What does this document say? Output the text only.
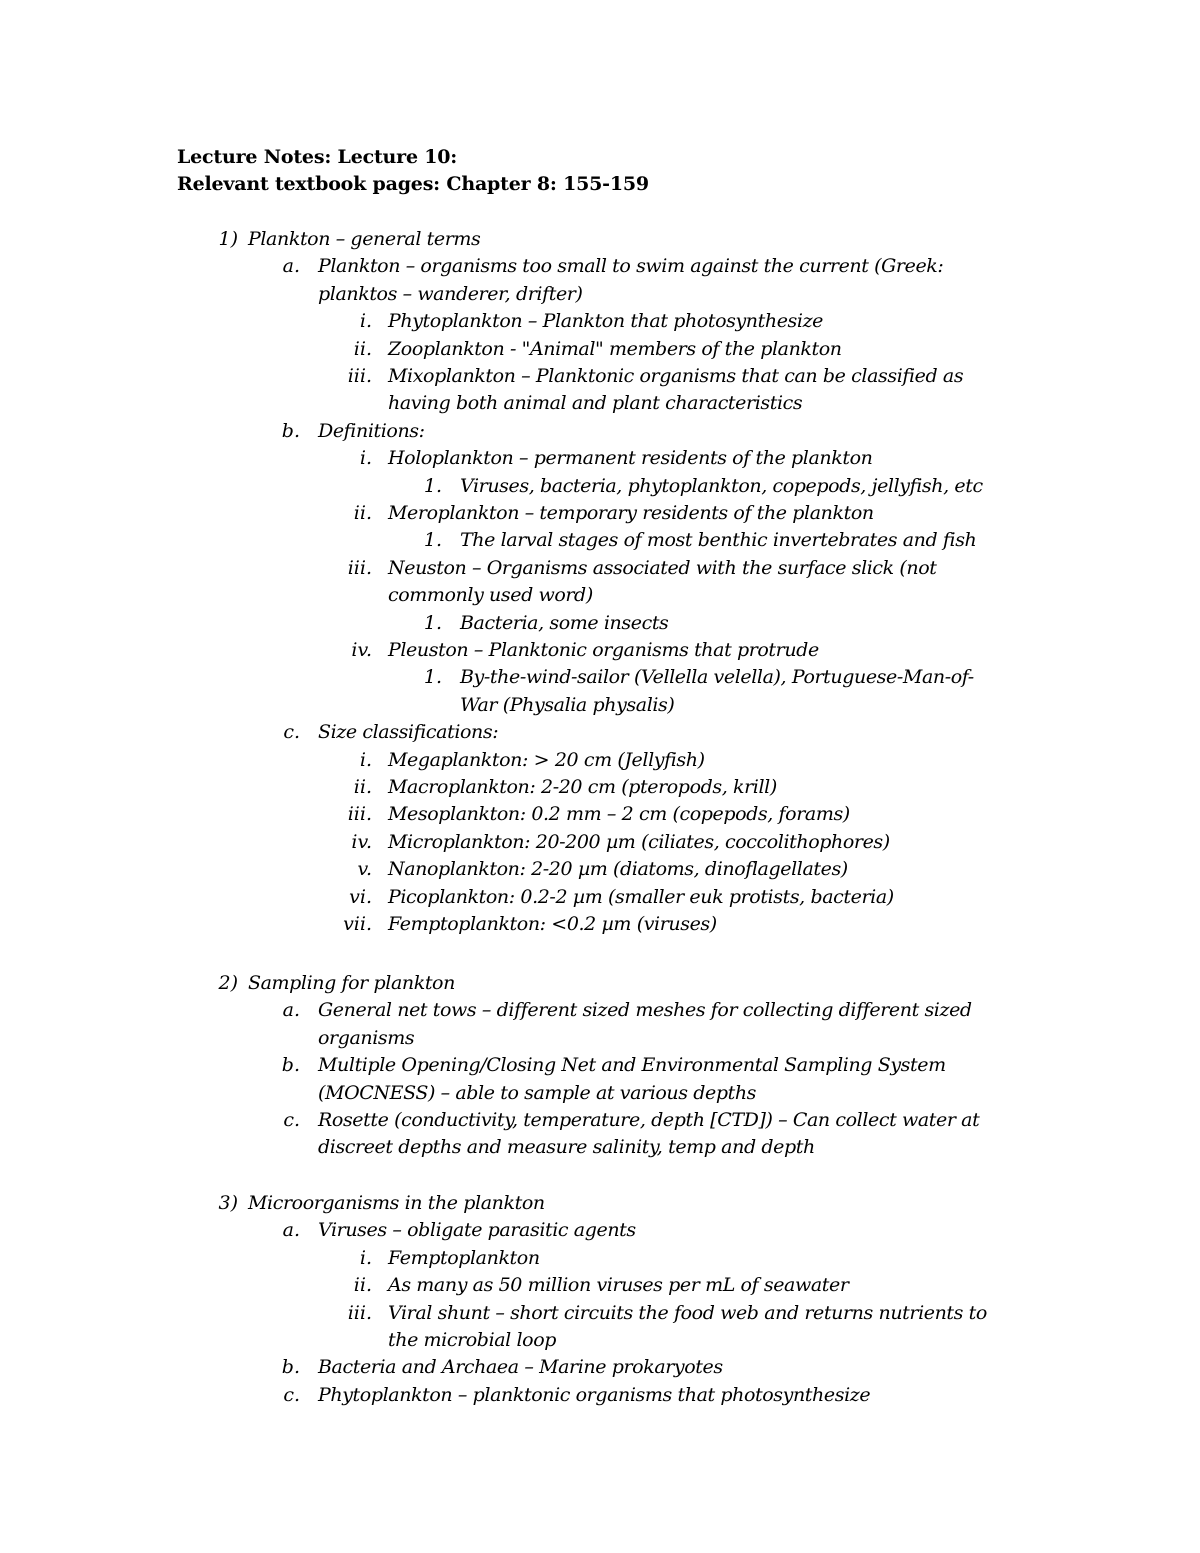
Lecture Notes: Lecture 10:
Relevant textbook pages: Chapter 8: 155-159
1) Plankton – general terms
a. Plankton – organisms too small to swim against the current (Greek:
planktos – wanderer, drifter)
i. Phytoplankton – Plankton that photosynthesize
ii. Zooplankton - "Animal" members of the plankton
iii. Mixoplankton – Planktonic organisms that can be classified as
having both animal and plant characteristics
b. Definitions:
i. Holoplankton – permanent residents of the plankton
1. Viruses, bacteria, phytoplankton, copepods, jellyfish, etc
ii. Meroplankton – temporary residents of the plankton
1. The larval stages of most benthic invertebrates and fish
iii. Neuston – Organisms associated with the surface slick (not
commonly used word)
1. Bacteria, some insects
iv. Pleuston – Planktonic organisms that protrude
1. By-the-wind-sailor (Vellella velella), Portuguese-Man-of-
War (Physalia physalis)
c. Size classifications:
i. Megaplankton: > 20 cm (Jellyfish)
ii. Macroplankton: 2-20 cm (pteropods, krill)
iii. Mesoplankton: 0.2 mm – 2 cm (copepods, forams)
iv. Microplankton: 20-200 µm (ciliates, coccolithophores)
v. Nanoplankton: 2-20 µm (diatoms, dinoflagellates)
vi. Picoplankton: 0.2-2 µm (smaller euk protists, bacteria)
vii. Femptoplankton: <0.2 µm (viruses)
2) Sampling for plankton
a. General net tows – different sized meshes for collecting different sized
organisms
b. Multiple Opening/Closing Net and Environmental Sampling System
(MOCNESS) – able to sample at various depths
c. Rosette (conductivity, temperature, depth [CTD]) – Can collect water at
discreet depths and measure salinity, temp and depth
3) Microorganisms in the plankton
a. Viruses – obligate parasitic agents
i. Femptoplankton
ii. As many as 50 million viruses per mL of seawater
iii. Viral shunt – short circuits the food web and returns nutrients to
the microbial loop
b. Bacteria and Archaea – Marine prokaryotes
c. Phytoplankton – planktonic organisms that photosynthesize
